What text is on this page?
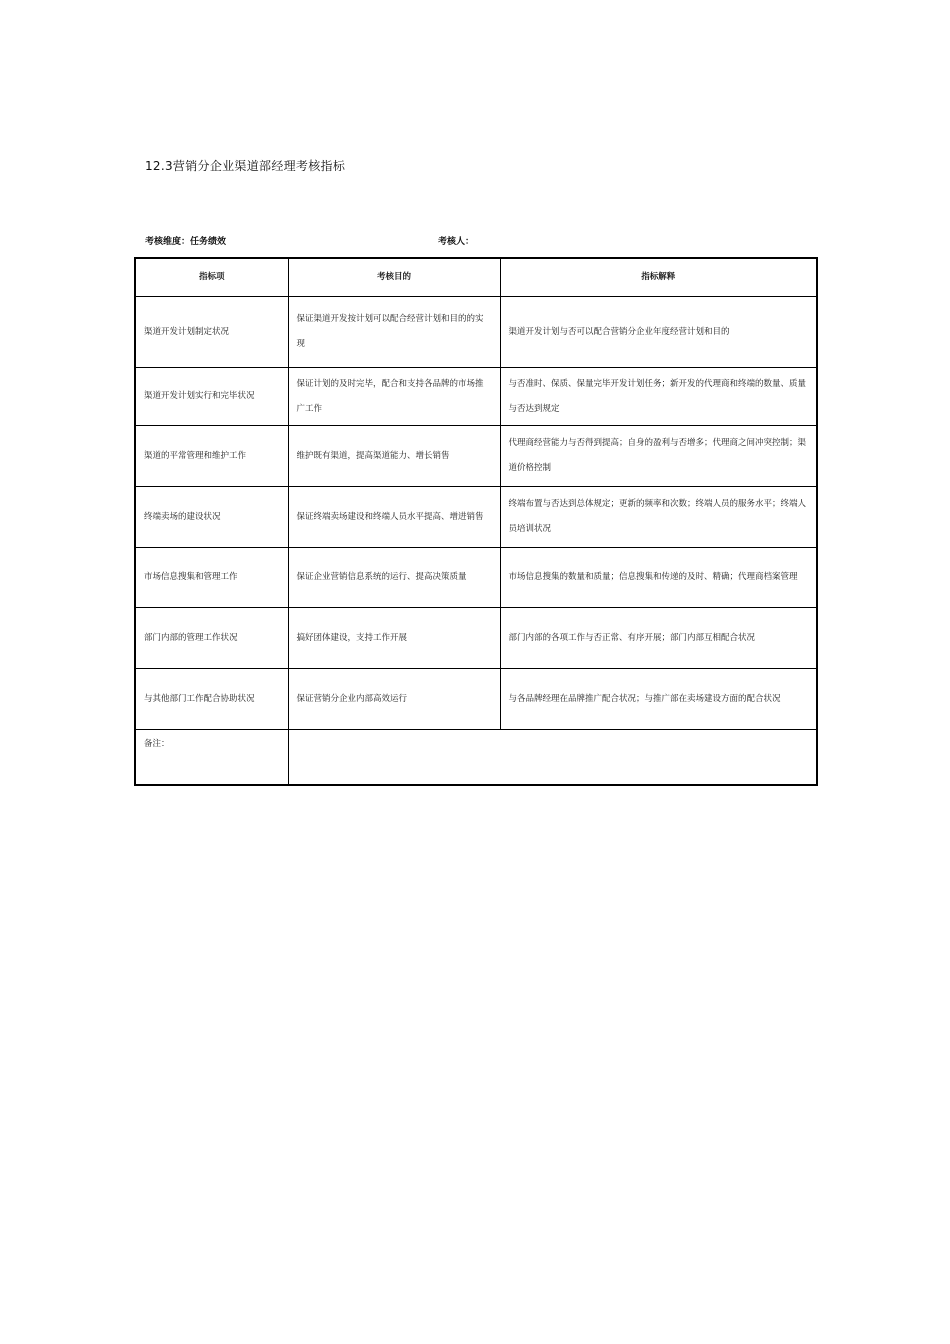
12.3营销分企业渠道部经理考核指标
考核维度：任务绩效	考核人：
指标项	考核目的	指标解释
渠道开发计划制定状况	保证渠道开发按计划可以配合经营计划和目的的实现	渠道开发计划与否可以配合营销分企业年度经营计划和目的
渠道开发计划实行和完毕状况	保证计划的及时完毕，配合和支持各品牌的市场推广工作	与否准时、保质、保量完毕开发计划任务；新开发的代理商和终端的数量、质量与否达到规定
渠道的平常管理和维护工作	维护既有渠道，提高渠道能力、增长销售	代理商经营能力与否得到提高；自身的盈利与否增多；代理商之间冲突控制；渠道价格控制
终端卖场的建设状况	保证终端卖场建设和终端人员水平提高、增进销售	终端布置与否达到总体规定；更新的频率和次数；终端人员的服务水平；终端人员培训状况
市场信息搜集和管理工作	保证企业营销信息系统的运行、提高决策质量	市场信息搜集的数量和质量；信息搜集和传递的及时、精确；代理商档案管理
部门内部的管理工作状况	搞好团体建设，支持工作开展	部门内部的各项工作与否正常、有序开展；部门内部互相配合状况
与其他部门工作配合协助状况	保证营销分企业内部高效运行	与各品牌经理在品牌推广配合状况；与推广部在卖场建设方面的配合状况
备注：		
